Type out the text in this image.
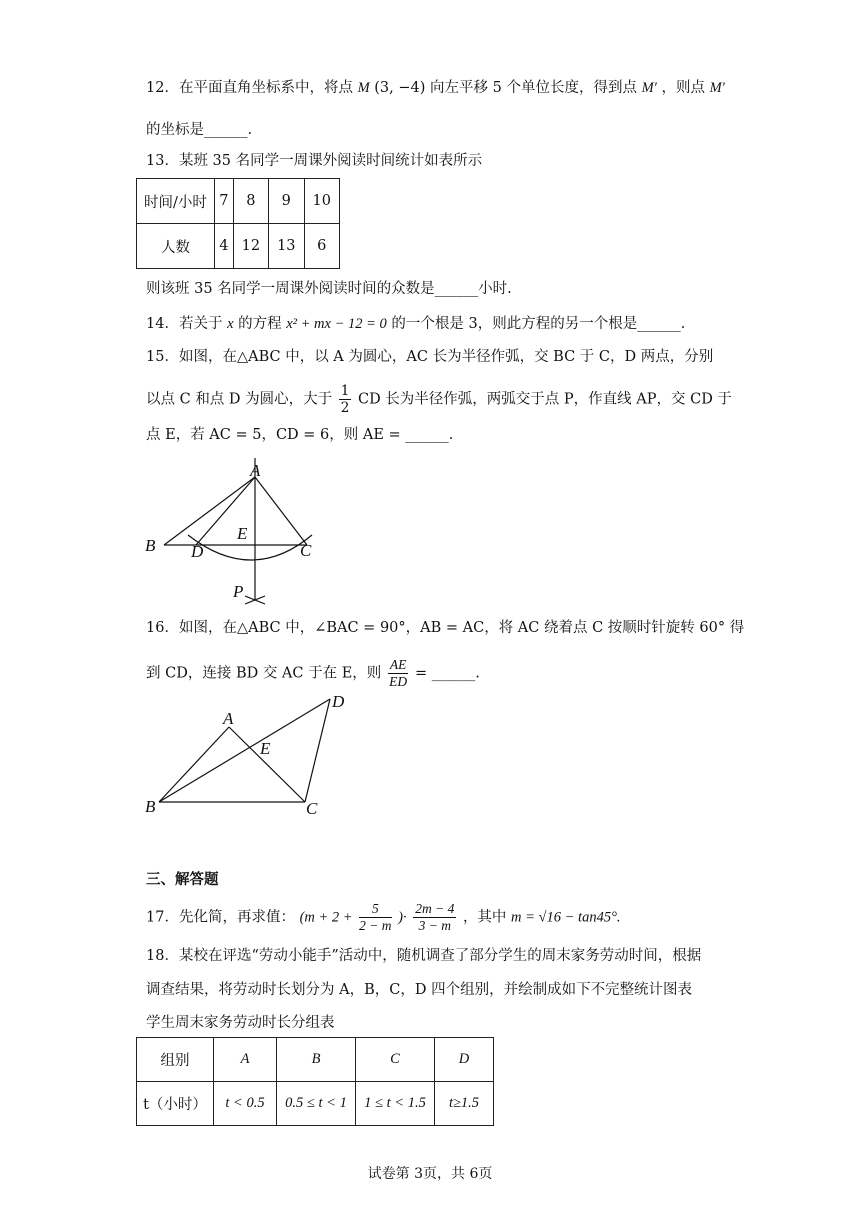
12．在平面直角坐标系中，将点 M (3, −4) 向左平移 5 个单位长度，得到点 M′ ，则点 M′
的坐标是______.
13．某班 35 名同学一周课外阅读时间统计如表所示
时间/小时	7	8	9	10
人数	4	12	13	6
则该班 35 名同学一周课外阅读时间的众数是______小时.
14．若关于 x 的方程 x² + mx − 12 = 0 的一个根是 3，则此方程的另一个根是______.
15．如图，在△ABC 中，以 A 为圆心，AC 长为半径作弧，交 BC 于 C，D 两点，分别
以点 C 和点 D 为圆心，大于 $\frac{1}{2}$ CD 长为半径作弧，两弧交于点 P，作直线 AP，交 CD 于
点 E，若 AC = 5，CD = 6，则 AE = ______.
A
B	C
D
E
P
16．如图，在△ABC 中，∠BAC = 90°，AB = AC，将 AC 绕着点 C 按顺时针旋转 60° 得
到 CD，连接 BD 交 AC 于在 E，则 $\frac{AE}{ED}$ = ______.
A
B	C
D
E
三、解答题
17．先化简，再求值： ($m + 2 + \frac{5}{2 - m}$ )· $\frac{2m - 4}{3 - m}$ ，其中 m = √16 − tan45°.
18．某校在评选“劳动小能手”活动中，随机调查了部分学生的周末家务劳动时间，根据
调查结果，将劳动时长划分为 A，B，C，D 四个组别，并绘制成如下不完整统计图表
学生周末家务劳动时长分组表
组别	A	B	C	D
t（小时）	t < 0.5	0.5 ≤ t < 1	1 ≤ t < 1.5	t≥1.5
试卷第 3页，共 6页
